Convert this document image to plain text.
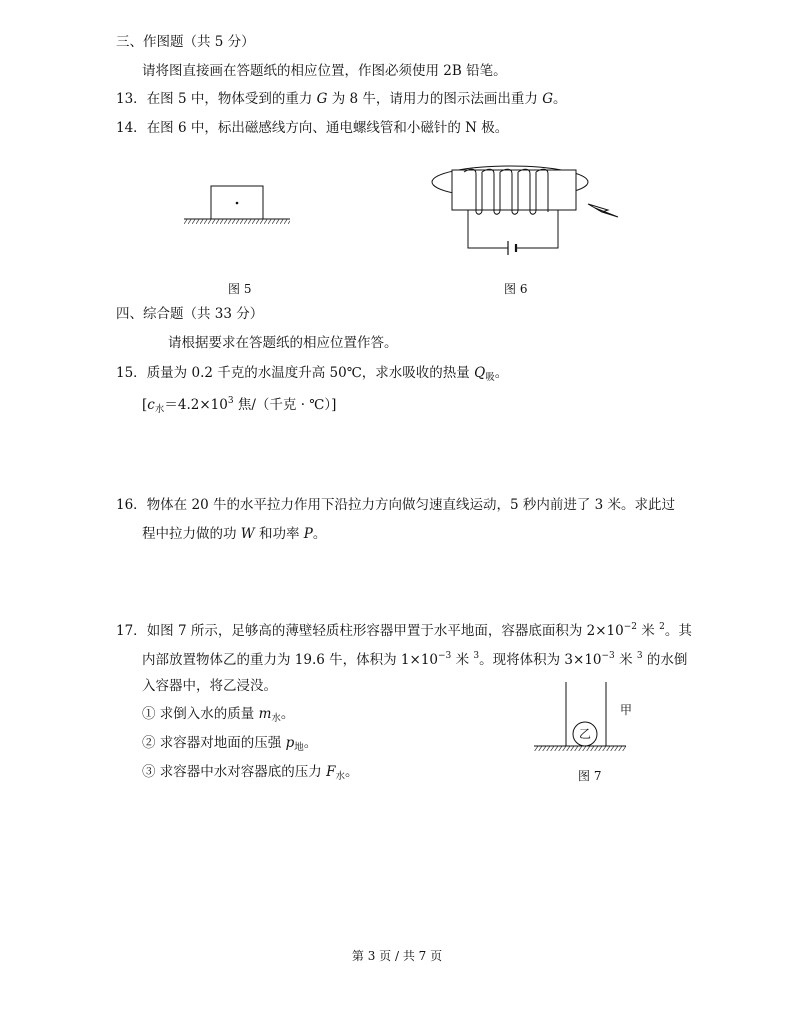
三、作图题（共 5 分）
请将图直接画在答题纸的相应位置，作图必须使用 2B 铅笔。
13．在图 5 中，物体受到的重力 G 为 8 牛，请用力的图示法画出重力 G。
14．在图 6 中，标出磁感线方向、通电螺线管和小磁针的 N 极。
图 5	图 6
四、综合题（共 33 分）
请根据要求在答题纸的相应位置作答。
15．质量为 0.2 千克的水温度升高 50℃，求水吸收的热量 $Q_吸$。
[$c_水=4.2\times 10^3$ 焦/（千克 · ℃）]
16．物体在 20 牛的水平拉力作用下沿拉力方向做匀速直线运动，5 秒内前进了 3 米。求此过
程中拉力做的功 W 和功率 P。
17．如图 7 所示，足够高的薄壁轻质柱形容器甲置于水平地面，容器底面积为 $2\times 10^{-2}$ 米 $^2$。其
内部放置物体乙的重力为 19.6 牛，体积为 $1\times 10^{-3}$ 米 $^3$。现将体积为 $3\times 10^{-3}$ 米 $^3$ 的水倒
入容器中，将乙浸没。
① 求倒入水的质量 $m_水$。
② 求容器对地面的压强 $p_地$。
③ 求容器中水对容器底的压力 $F_水$。
乙
甲
图 7
第 3 页 / 共 7 页
